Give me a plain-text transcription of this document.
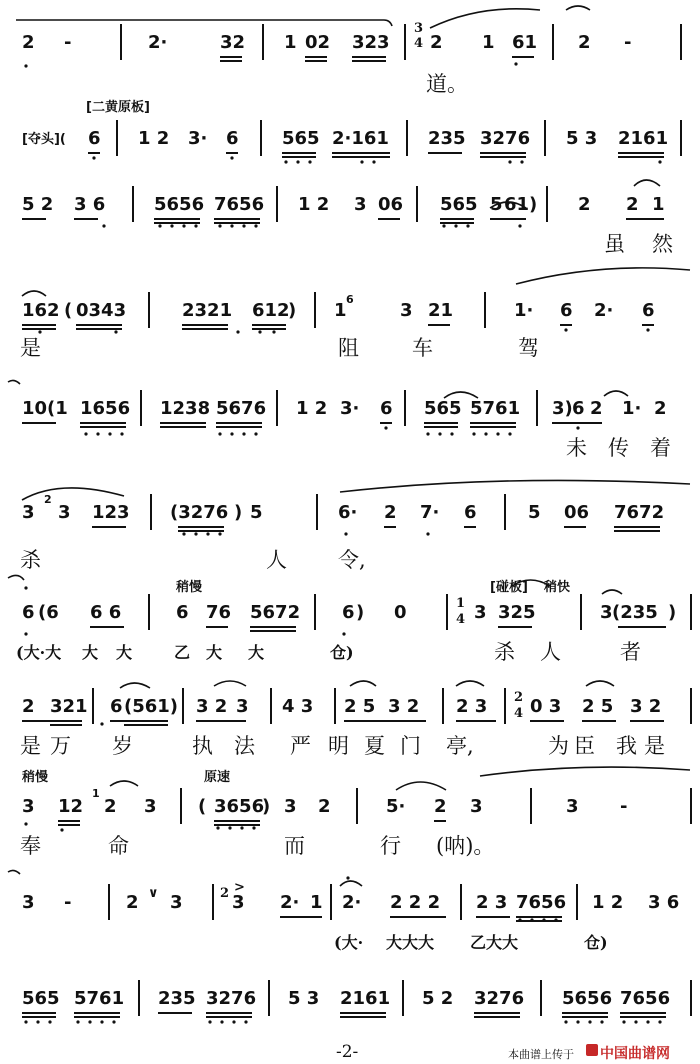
2 -	2·	32 1 02 323
3
4 2 1 61 2 -
道。
[二黄原板]
[夺头]( 6 1 2 3· 6 565 2·161 235 3276 5 3 2161
5 2 3 6	5656 7656 1 2 3 06 565 5 61) 2 2 1
虽 然
162 ( 0343	2321 612
) 1
6
3 21	1· 6 2· 6
是	阻	车	驾
10(1 1656 1238 5676 1 2 3· 6 565 5761 3) 6 2 1· 2
未 传 着
3
2
3 123 (3276 ) 5	6· 2 7· 6	5 06 7672
杀	人 令,
稍慢	[碰板] 稍快
6 (6 6 6	6 76 5672 6 ) 0	1
4 3 325	3 (235 )
(大·大 大 大	乙 大 大	仓)	杀 人	者
2 321 6 (561) 3 2 3 4 3 2 5 3 2 2 3 2
4 0 3 2 5 3 2
是 万 岁	执 法 严 明 夏 门 亭,	为 臣 我 是
稍慢	原速
3 12
1
2 3 ( 3656
) 3 2	5· 2 3	3 -
奉	命	而	行 (呐)。
3 -	2 ∨ 3	2 >
3 2· 1 2· 2 2 2 2 3 7656 1 2 3 6
(大· 大大大 乙大大	仓)
565 5761 235 3276 5 3 2161 5 2 3276 5656 7656
-2-	本曲谱上传于 中国曲谱网
